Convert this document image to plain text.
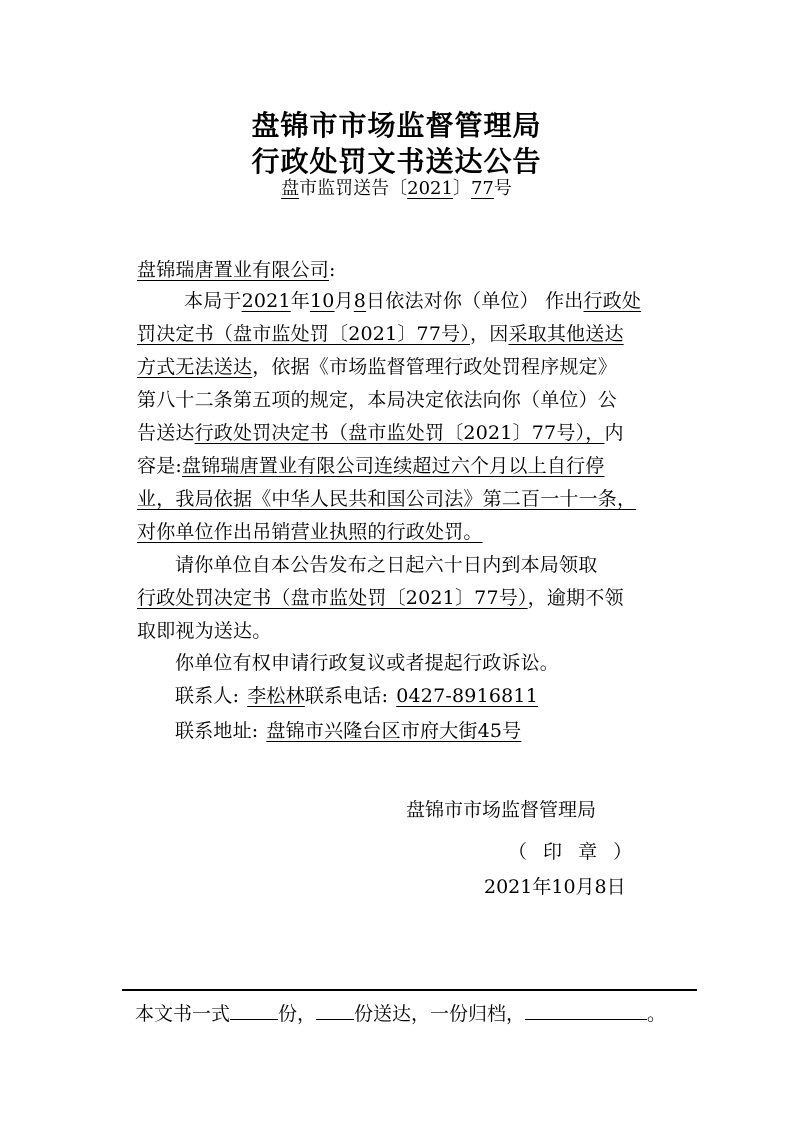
盘锦市市场监督管理局
行政处罚文书送达公告
盘市监罚送告〔2021〕77号
盘锦瑞唐置业有限公司:
本局于2021年10月8日依法对你（单位） 作出行政处
罚决定书（盘市监处罚〔2021〕77号），因采取其他送达
方式无法送达，依据《市场监督管理行政处罚程序规定》
第八十二条第五项的规定，本局决定依法向你（单位）公
告送达行政处罚决定书（盘市监处罚〔2021〕77号），内
容是:盘锦瑞唐置业有限公司连续超过六个月以上自行停
业，我局依据《中华人民共和国公司法》第二百一十一条，
对你单位作出吊销营业执照的行政处罚。
请你单位自本公告发布之日起六十日内到本局领取
行政处罚决定书（盘市监处罚〔2021〕77号），逾期不领
取即视为送达。
你单位有权申请行政复议或者提起行政诉讼。
联系人: 李松林联系电话: 0427-8916811
联系地址: 盘锦市兴隆台区市府大街45号
盘锦市市场监督管理局
（ 印 章 ）
2021年10月8日
本文书一式	份， 份送达，一份归档，	。
